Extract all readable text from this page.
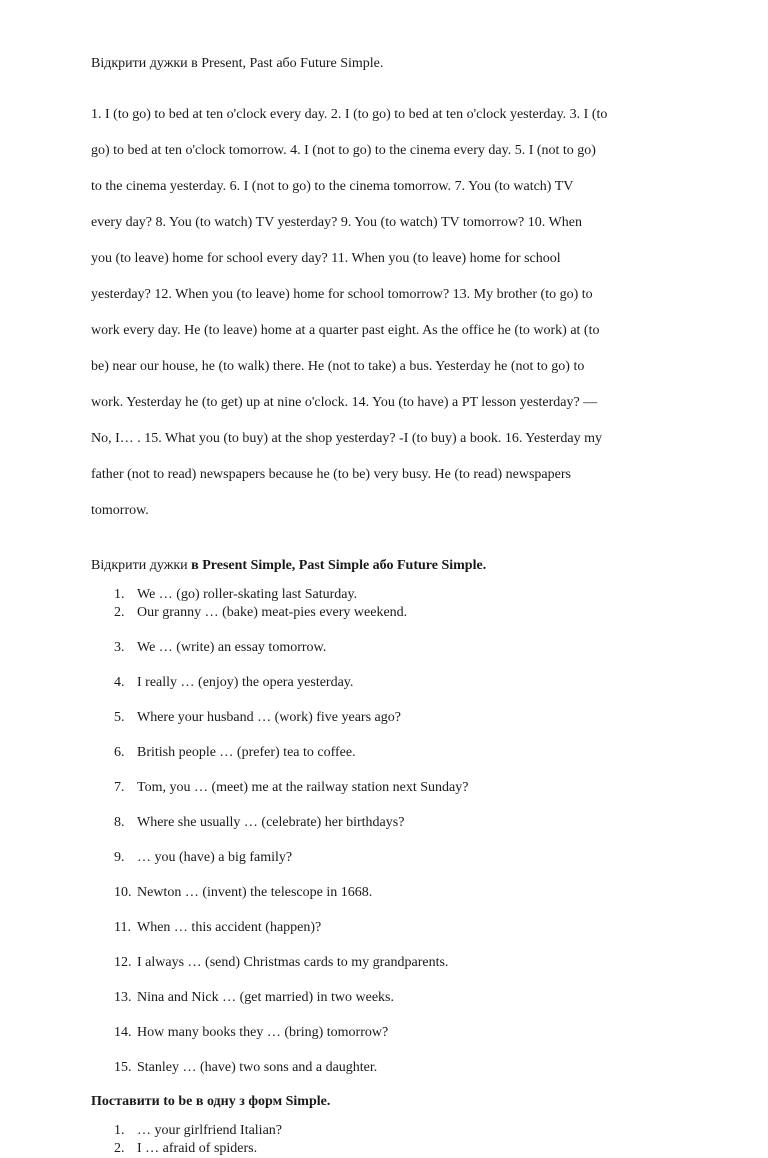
Відкрити дужки в Present, Past або Future Simple.

1. I (to go) to bed at ten o'clock every day. 2. I (to go) to bed at ten o'clock yesterday. 3. I (to

go) to bed at ten o'clock tomorrow. 4. I (not to go) to the cinema every day. 5. I (not to go)

to the cinema yesterday. 6. I (not to go) to the cinema tomorrow. 7. You (to watch) TV

every day? 8. You (to watch) TV yesterday? 9. You (to watch) TV tomorrow? 10. When

you (to leave) home for school every day? 11. When you (to leave) home for school

yesterday? 12. When you (to leave) home for school tomorrow? 13. My brother (to go) to

work every day. He (to leave) home at a quarter past eight. As the office he (to work) at (to

be) near our house, he (to walk) there. He (not to take) a bus. Yesterday he (not to go) to

work. Yesterday he (to get) up at nine o'clock. 14. You (to have) a PT lesson yesterday? —

No, I… . 15. What you (to buy) at the shop yesterday? -I (to buy) a book. 16. Yesterday my

father (not to read) newspapers because he (to be) very busy. He (to read) newspapers

tomorrow.

Відкрити дужки в Present Simple, Past Simple або Future Simple.

1. We … (go) roller-skating last Saturday.
2. Our granny … (bake) meat-pies every weekend.
3. We … (write) an essay tomorrow.
4. I really … (enjoy) the opera yesterday.
5. Where your husband … (work) five years ago?
6. British people … (prefer) tea to coffee.
7. Tom, you … (meet) me at the railway station next Sunday?
8. Where she usually … (celebrate) her birthdays?
9. … you (have) a big family?
10. Newton … (invent) the telescope in 1668.
11. When … this accident (happen)?
12. I always … (send) Christmas cards to my grandparents.
13. Nina and Nick … (get married) in two weeks.
14. How many books they … (bring) tomorrow?
15. Stanley … (have) two sons and a daughter.

Поставити to be в одну з форм Simple.

1. … your girlfriend Italian?
2. I … afraid of spiders.
